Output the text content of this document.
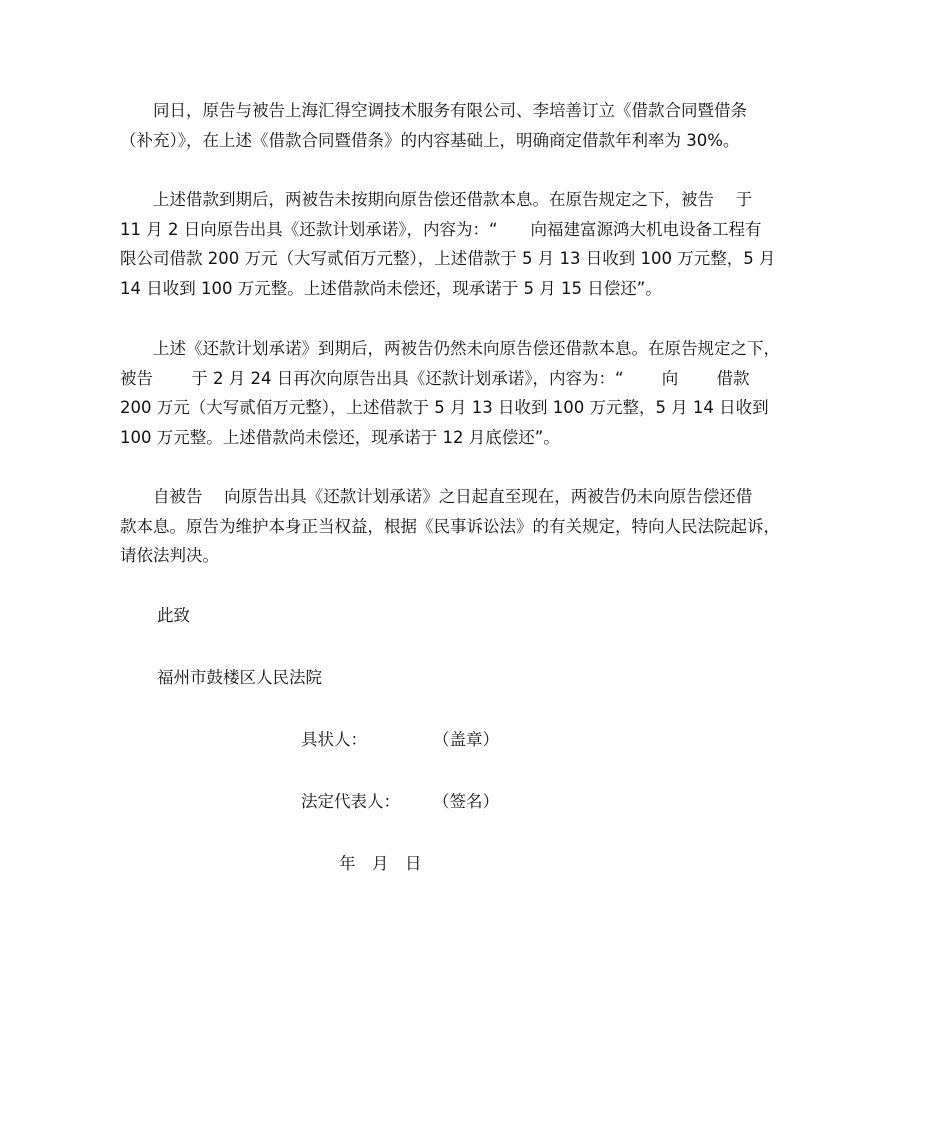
　　同日，原告与被告上海汇得空调技术服务有限公司、李培善订立《借款合同暨借条
（补充）》，在上述《借款合同暨借条》的内容基础上，明确商定借款年利率为 30%。

　　上述借款到期后，两被告未按期向原告偿还借款本息。在原告规定之下，被告　 于
11 月 2 日向原告出具《还款计划承诺》，内容为：“　　向福建富源鸿大机电设备工程有
限公司借款 200 万元（大写贰佰万元整），上述借款于 5 月 13 日收到 100 万元整，5 月
14 日收到 100 万元整。上述借款尚未偿还，现承诺于 5 月 15 日偿还”。

　　上述《还款计划承诺》到期后，两被告仍然未向原告偿还借款本息。在原告规定之下，
被告　　 于 2 月 24 日再次向原告出具《还款计划承诺》，内容为：“　　 向　　 借款
200 万元（大写贰佰万元整），上述借款于 5 月 13 日收到 100 万元整，5 月 14 日收到
100 万元整。上述借款尚未偿还，现承诺于 12 月底偿还”。

　　自被告　 向原告出具《还款计划承诺》之日起直至现在，两被告仍未向原告偿还借
款本息。原告为维护本身正当权益，根据《民事诉讼法》的有关规定，特向人民法院起诉，
请依法判决。

此致

福州市鼓楼区人民法院

具状人：　　　　　（盖章）

法定代表人：　　　（签名）

年　月　日
